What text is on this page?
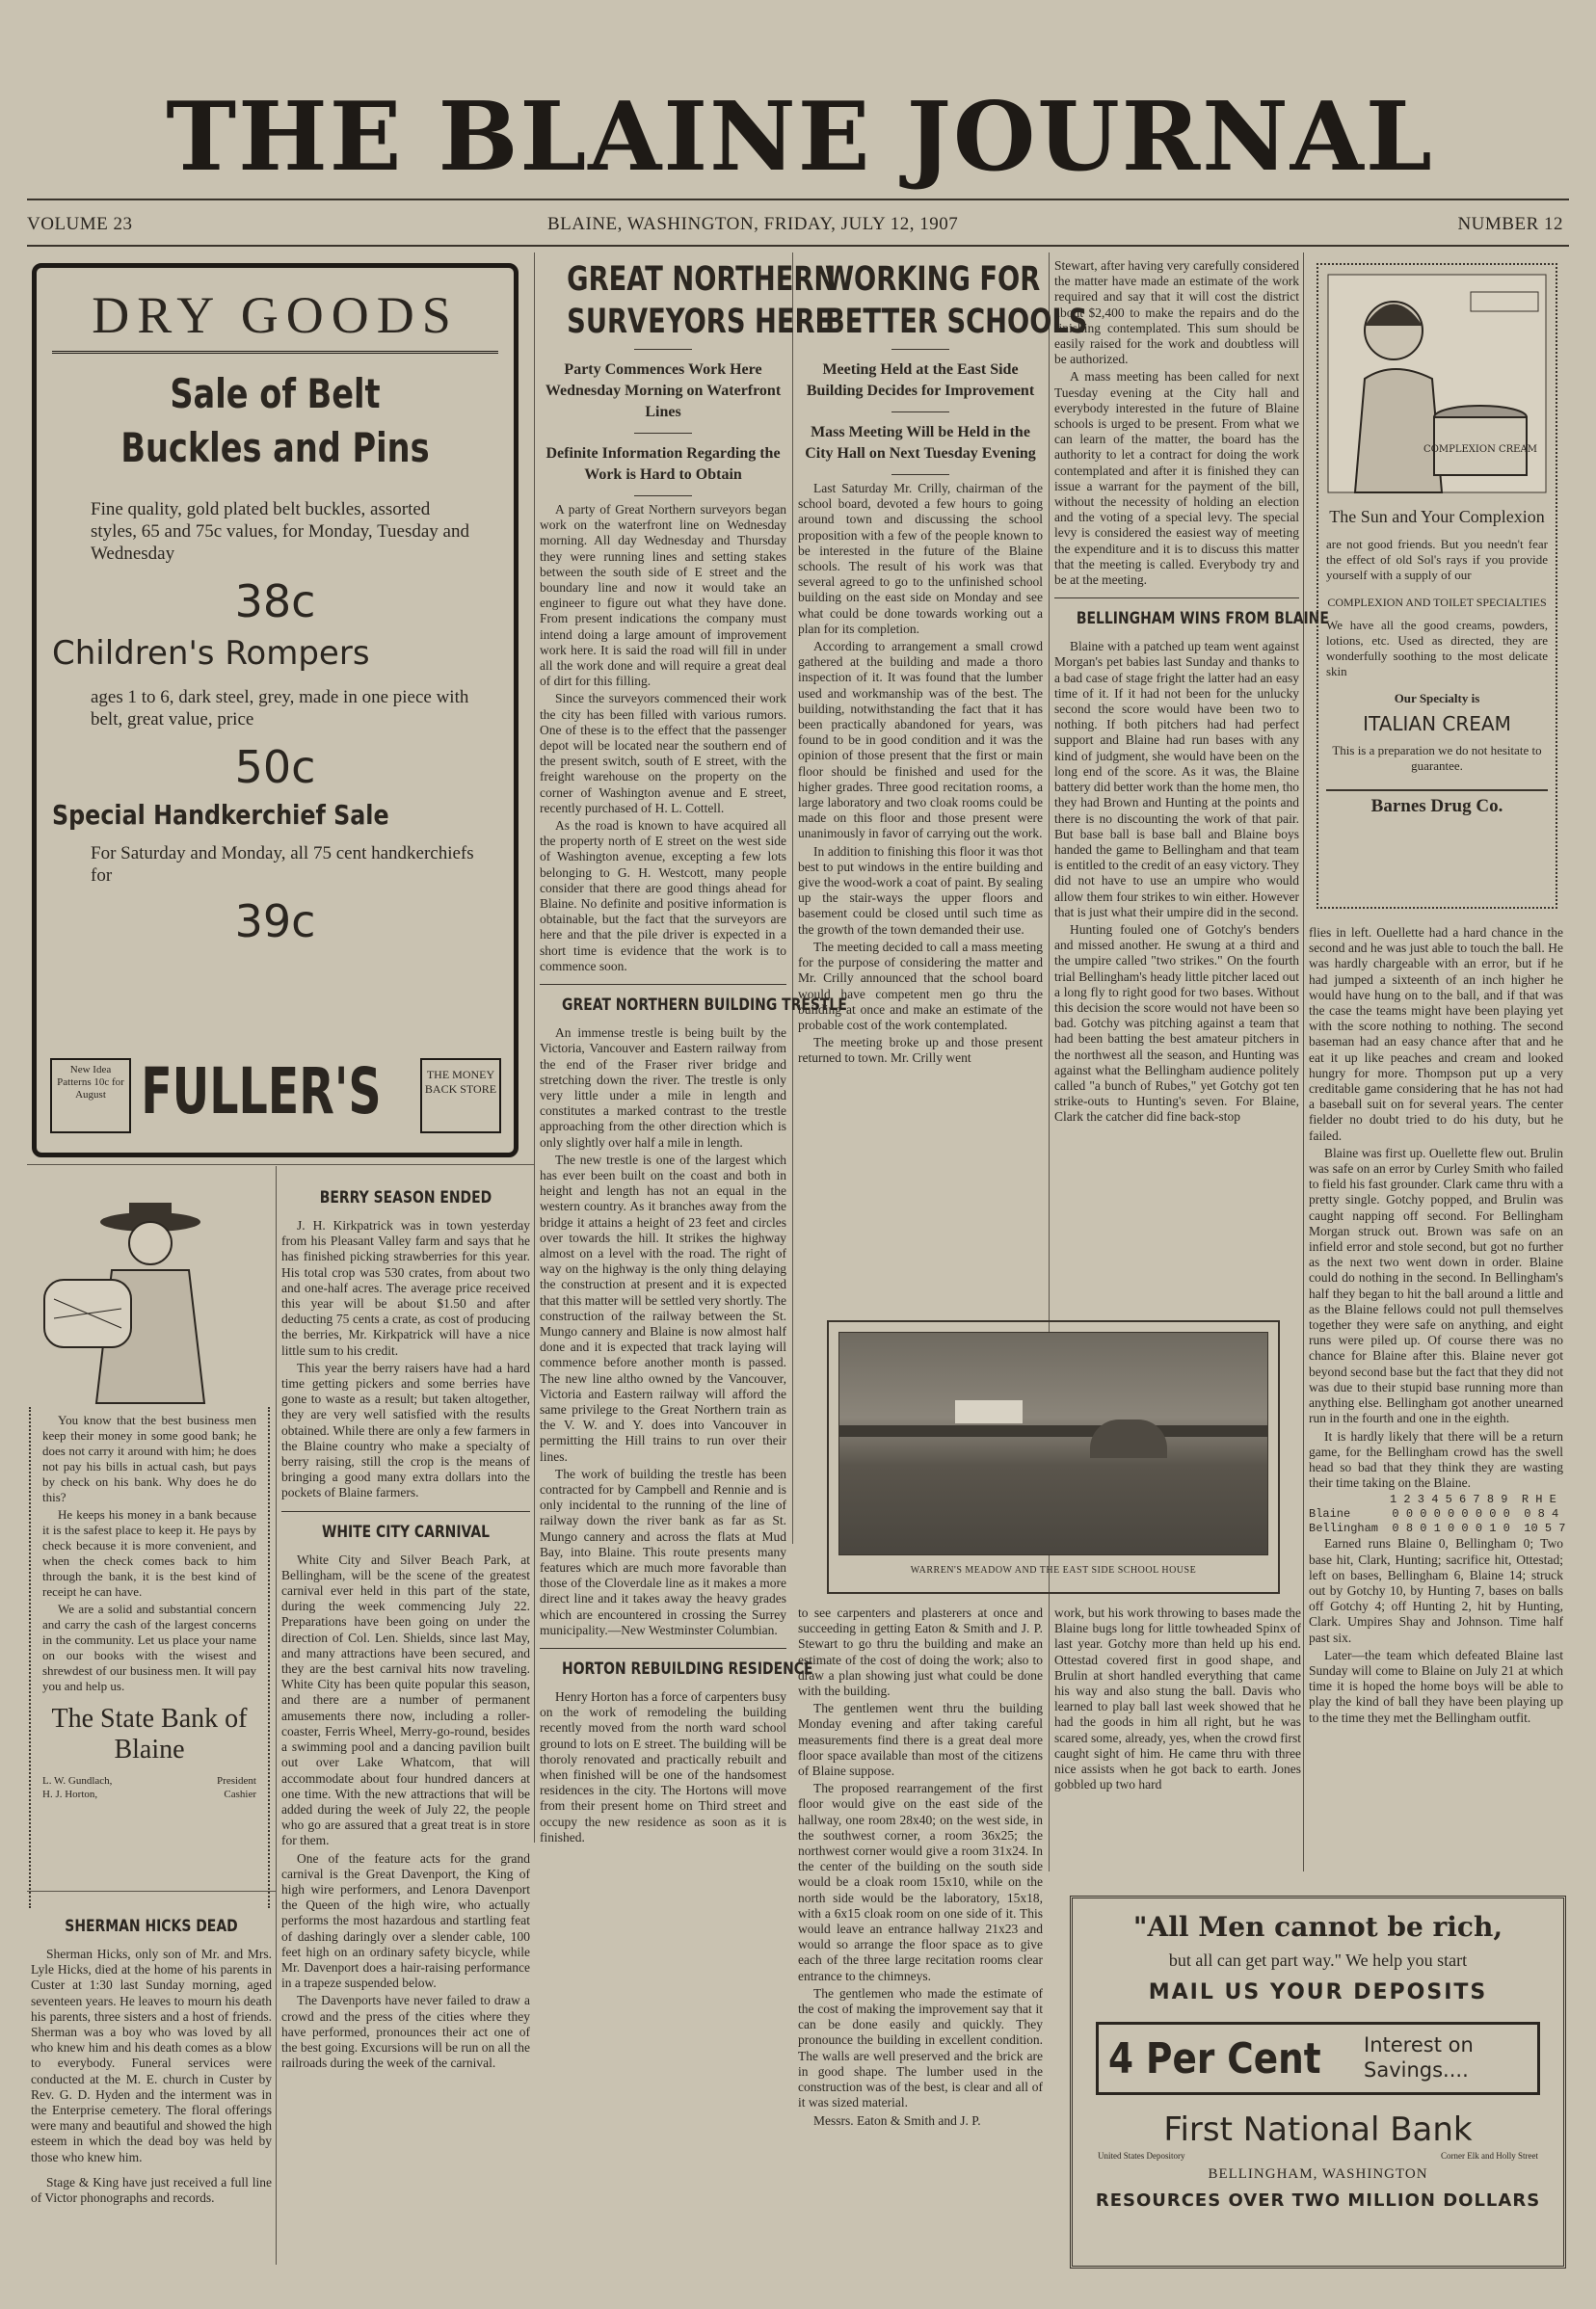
THE BLAINE JOURNAL
VOLUME 23	BLAINE, WASHINGTON, FRIDAY, JULY 12, 1907	NUMBER 12
DRY GOODS
Sale of Belt Buckles and Pins
Fine quality, gold plated belt buckles, assorted styles, 65 and 75c values, for Monday, Tuesday and Wednesday
38c
Children's Rompers
ages 1 to 6, dark steel, grey, made in one piece with belt, great value, price
50c
Special Handkerchief Sale
For Saturday and Monday, all 75 cent handkerchiefs for
39c
New Idea Patterns 10c for August FULLER'S	THE MONEY BACK STORE
GREAT NORTHERN
SURVEYORS HERE
Party Commences Work Here Wednesday Morning on Waterfront Lines
Definite Information Regarding the Work is Hard to Obtain

A party of Great Northern surveyors began work on the waterfront line on Wednesday morning. All day Wednesday and Thursday they were running lines and setting stakes between the south side of E street and the boundary line and now it would take an engineer to figure out what they have done. From present indications the company must intend doing a large amount of improvement work here. It is said the road will fill in under all the work done and will require a great deal of dirt for this filling.

Since the surveyors commenced their work the city has been filled with various rumors. One of these is to the effect that the passenger depot will be located near the southern end of the present switch, south of E street, with the freight warehouse on the property on the corner of Washington avenue and E street, recently purchased of H. L. Cottell.

As the road is known to have acquired all the property north of E street on the west side of Washington avenue, excepting a few lots belonging to G. H. Westcott, many people consider that there are good things ahead for Blaine. No definite and positive information is obtainable, but the fact that the surveyors are here and that the pile driver is expected in a short time is evidence that the work is to commence soon.

GREAT NORTHERN BUILDING TRESTLE

An immense trestle is being built by the Victoria, Vancouver and Eastern railway from the end of the Fraser river bridge and stretching down the river. The trestle is only very little under a mile in length and constitutes a marked contrast to the trestle approaching from the other direction which is only slightly over half a mile in length.

The new trestle is one of the largest which has ever been built on the coast and both in height and length has not an equal in the western country. As it branches away from the bridge it attains a height of 23 feet and circles over towards the hill. It strikes the highway almost on a level with the road. The right of way on the highway is the only thing delaying the construction at present and it is expected that this matter will be settled very shortly. The construction of the railway between the St. Mungo cannery and Blaine is now almost half done and it is expected that track laying will commence before another month is passed. The new line altho owned by the Vancouver, Victoria and Eastern railway will afford the same privilege to the Great Northern train as the V. W. and Y. does into Vancouver in permitting the Hill trains to run over their lines.

The work of building the trestle has been contracted for by Campbell and Rennie and is only incidental to the running of the line of railway down the river bank as far as St. Mungo cannery and across the flats at Mud Bay, into Blaine. This route presents many features which are much more favorable than those of the Cloverdale line as it makes a more direct line and it takes away the heavy grades which are encountered in crossing the Surrey municipality.—New Westminster Columbian.

HORTON REBUILDING RESIDENCE

Henry Horton has a force of carpenters busy on the work of remodeling the building recently moved from the north ward school ground to lots on E street. The building will be thoroly renovated and practically rebuilt and when finished will be one of the handsomest residences in the city. The Hortons will move from their present home on Third street and occupy the new residence as soon as it is finished.

WORKING FOR
BETTER SCHOOLS
Meeting Held at the East Side Building Decides for Improvement
Mass Meeting Will be Held in the City Hall on Next Tuesday Evening

Last Saturday Mr. Crilly, chairman of the school board, devoted a few hours to going around town and discussing the school proposition with a few of the people known to be interested in the future of the Blaine schools. The result of his work was that several agreed to go to the unfinished school building on the east side on Monday and see what could be done towards working out a plan for its completion.

According to arrangement a small crowd gathered at the building and made a thoro inspection of it. It was found that the lumber used and workmanship was of the best. The building, notwithstanding the fact that it has been practically abandoned for years, was found to be in good condition and it was the opinion of those present that the first or main floor should be finished and used for the higher grades. Three good recitation rooms, a large laboratory and two cloak rooms could be made on this floor and those present were unanimously in favor of carrying out the work.

In addition to finishing this floor it was thot best to put windows in the entire building and give the wood-work a coat of paint. By sealing up the stair-ways the upper floors and basement could be closed until such time as the growth of the town demanded their use.

The meeting decided to call a mass meeting for the purpose of considering the matter and Mr. Crilly announced that the school board would have competent men go thru the building at once and make an estimate of the probable cost of the work contemplated.

The meeting broke up and those present returned to town. Mr. Crilly went

WARREN'S MEADOW AND THE EAST SIDE SCHOOL HOUSE

to see carpenters and plasterers at once and succeeding in getting Eaton & Smith and J. P. Stewart to go thru the building and make an estimate of the cost of doing the work; also to draw a plan showing just what could be done with the building.

The gentlemen went thru the building Monday evening and after taking careful measurements find there is a great deal more floor space available than most of the citizens of Blaine suppose.

The proposed rearrangement of the first floor would give on the east side of the hallway, one room 28x40; on the west side, in the southwest corner, a room 36x25; the northwest corner would give a room 31x24. In the center of the building on the south side would be a cloak room 15x10, while on the north side would be the laboratory, 15x18, with a 6x15 cloak room on one side of it. This would leave an entrance hallway 21x23 and would so arrange the floor space as to give each of the three large recitation rooms clear entrance to the chimneys.

The gentlemen who made the estimate of the cost of making the improvement say that it can be done easily and quickly. They pronounce the building in excellent condition. The walls are well preserved and the brick are in good shape. The lumber used in the construction was of the best, is clear and all of it was sized material.

Messrs. Eaton & Smith and J. P.

Stewart, after having very carefully considered the matter have made an estimate of the work required and say that it will cost the district about $2,400 to make the repairs and do the finishing contemplated. This sum should be easily raised for the work and doubtless will be authorized.

A mass meeting has been called for next Tuesday evening at the City hall and everybody interested in the future of Blaine schools is urged to be present. From what we can learn of the matter, the board has the authority to let a contract for doing the work contemplated and after it is finished they can issue a warrant for the payment of the bill, without the necessity of holding an election and the voting of a special levy. The special levy is considered the easiest way of meeting the expenditure and it is to discuss this matter that the meeting is called. Everybody try and be at the meeting.

BELLINGHAM WINS FROM BLAINE

Blaine with a patched up team went against Morgan's pet babies last Sunday and thanks to a bad case of stage fright the latter had an easy time of it. If it had not been for the unlucky second the score would have been two to nothing. If both pitchers had had perfect support and Blaine had run bases with any kind of judgment, she would have been on the long end of the score. As it was, the Blaine battery did better work than the home men, tho they had Brown and Hunting at the points and there is no discounting the work of that pair. But base ball is base ball and Blaine boys handed the game to Bellingham and that team is entitled to the credit of an easy victory. They did not have to use an umpire who would allow them four strikes to win either. However that is just what their umpire did in the second.

Hunting fouled one of Gotchy's benders and missed another. He swung at a third and the umpire called "two strikes." On the fourth trial Bellingham's heady little pitcher laced out a long fly to right good for two bases. Without this decision the score would not have been so bad. Gotchy was pitching against a team that had been batting the best amateur pitchers in the northwest all the season, and Hunting was against what the Bellingham audience politely called "a bunch of Rubes," yet Gotchy got ten strike-outs to Hunting's seven. For Blaine, Clark the catcher did fine back-stop

work, but his work throwing to bases made the Blaine bugs long for little towheaded Spinx of last year. Gotchy more than held up his end. Ottestad covered first in good shape, and Brulin at short handled everything that came his way and also stung the ball. Davis who learned to play ball last week showed that he had the goods in him all right, but he was scared some, already, yes, when the crowd first caught sight of him. He came thru with three nice assists when he got back to earth. Jones gobbled up two hard

COMPLEXION CREAM
The Sun and Your Complexion
are not good friends. But you needn't fear the effect of old Sol's rays if you provide yourself with a supply of our
COMPLEXION AND TOILET SPECIALTIES
We have all the good creams, powders, lotions, etc. Used as directed, they are wonderfully soothing to the most delicate skin
Our Specialty is
ITALIAN CREAM
This is a preparation we do not hesitate to guarantee.
Barnes Drug Co.

flies in left. Ouellette had a hard chance in the second and he was just able to touch the ball. He was hardly chargeable with an error, but if he had jumped a sixteenth of an inch higher he would have hung on to the ball, and if that was the case the teams might have been playing yet with the score nothing to nothing. The second baseman had an easy chance after that and he eat it up like peaches and cream and looked hungry for more. Thompson put up a very creditable game considering that he has not had a baseball suit on for several years. The center fielder no doubt tried to do his duty, but he failed.

Blaine was first up. Ouellette flew out. Brulin was safe on an error by Curley Smith who failed to field his fast grounder. Clark came thru with a pretty single. Gotchy popped, and Brulin was caught napping off second. For Bellingham Morgan struck out. Brown was safe on an infield error and stole second, but got no further as the next two went down in order. Blaine could do nothing in the second. In Bellingham's half they began to hit the ball around a little and as the Blaine fellows could not pull themselves together they were safe on anything, and eight runs were piled up. Of course there was no chance for Blaine after this. Blaine never got beyond second base but the fact that they did not was due to their stupid base running more than anything else. Bellingham got another unearned run in the fourth and one in the eighth.

It is hardly likely that there will be a return game, for the Bellingham crowd has the swell head so bad that they think they are wasting their time taking on the Blaine.

1 2 3 4 5 6 7 8 9  R H E
Blaine      0 0 0 0 0 0 0 0 0  0 8 4
Bellingham  0 8 0 1 0 0 0 1 0  10 5 7

Earned runs Blaine 0, Bellingham 0; Two base hit, Clark, Hunting; sacrifice hit, Ottestad; left on bases, Bellingham 6, Blaine 14; struck out by Gotchy 10, by Hunting 7, bases on balls off Gotchy 4; off Hunting 2, hit by Hunting, Clark. Umpires Shay and Johnson. Time half past six.

Later—the team which defeated Blaine last Sunday will come to Blaine on July 21 at which time it is hoped the home boys will be able to play the kind of ball they have been playing up to the time they met the Bellingham outfit.

You know that the best business men keep their money in some good bank; he does not carry it around with him; he does not pay his bills in actual cash, but pays by check on his bank. Why does he do this?

He keeps his money in a bank because it is the safest place to keep it. He pays by check because it is more convenient, and when the check comes back to him through the bank, it is the best kind of receipt he can have.

We are a solid and substantial concern and carry the cash of the largest concerns in the community. Let us place your name on our books with the wisest and shrewdest of our business men. It will pay you and help us.

The State Bank of Blaine
L. W. Gundlach,	President
H. J. Horton,	Cashier
SHERMAN HICKS DEAD

Sherman Hicks, only son of Mr. and Mrs. Lyle Hicks, died at the home of his parents in Custer at 1:30 last Sunday morning, aged seventeen years. He leaves to mourn his death his parents, three sisters and a host of friends. Sherman was a boy who was loved by all who knew him and his death comes as a blow to everybody. Funeral services were conducted at the M. E. church in Custer by Rev. G. D. Hyden and the interment was in the Enterprise cemetery. The floral offerings were many and beautiful and showed the high esteem in which the dead boy was held by those who knew him.

Stage & King have just received a full line of Victor phonographs and records.

BERRY SEASON ENDED

J. H. Kirkpatrick was in town yesterday from his Pleasant Valley farm and says that he has finished picking strawberries for this year. His total crop was 530 crates, from about two and one-half acres. The average price received this year will be about $1.50 and after deducting 75 cents a crate, as cost of producing the berries, Mr. Kirkpatrick will have a nice little sum to his credit.

This year the berry raisers have had a hard time getting pickers and some berries have gone to waste as a result; but taken altogether, they are very well satisfied with the results obtained. While there are only a few farmers in the Blaine country who make a specialty of berry raising, still the crop is the means of bringing a good many extra dollars into the pockets of Blaine farmers.

WHITE CITY CARNIVAL

White City and Silver Beach Park, at Bellingham, will be the scene of the greatest carnival ever held in this part of the state, during the week commencing July 22. Preparations have been going on under the direction of Col. Len. Shields, since last May, and many attractions have been secured, and they are the best carnival hits now traveling. White City has been quite popular this season, and there are a number of permanent amusements there now, including a roller-coaster, Ferris Wheel, Merry-go-round, besides a swimming pool and a dancing pavilion built out over Lake Whatcom, that will accommodate about four hundred dancers at one time. With the new attractions that will be added during the week of July 22, the people who go are assured that a great treat is in store for them.

One of the feature acts for the grand carnival is the Great Davenport, the King of high wire performers, and Lenora Davenport the Queen of the high wire, who actually performs the most hazardous and startling feat of dashing daringly over a slender cable, 100 feet high on an ordinary safety bicycle, while Mr. Davenport does a hair-raising performance in a trapeze suspended below.

The Davenports have never failed to draw a crowd and the press of the cities where they have performed, pronounces their act one of the best going. Excursions will be run on all the railroads during the week of the carnival.

"All Men cannot be rich,
but all can get part way." We help you start
MAIL US YOUR DEPOSITS
4 Per Cent Interest on Savings....
First National Bank
United States Depository	Corner Elk and Holly Street
BELLINGHAM, WASHINGTON
RESOURCES OVER TWO MILLION DOLLARS
